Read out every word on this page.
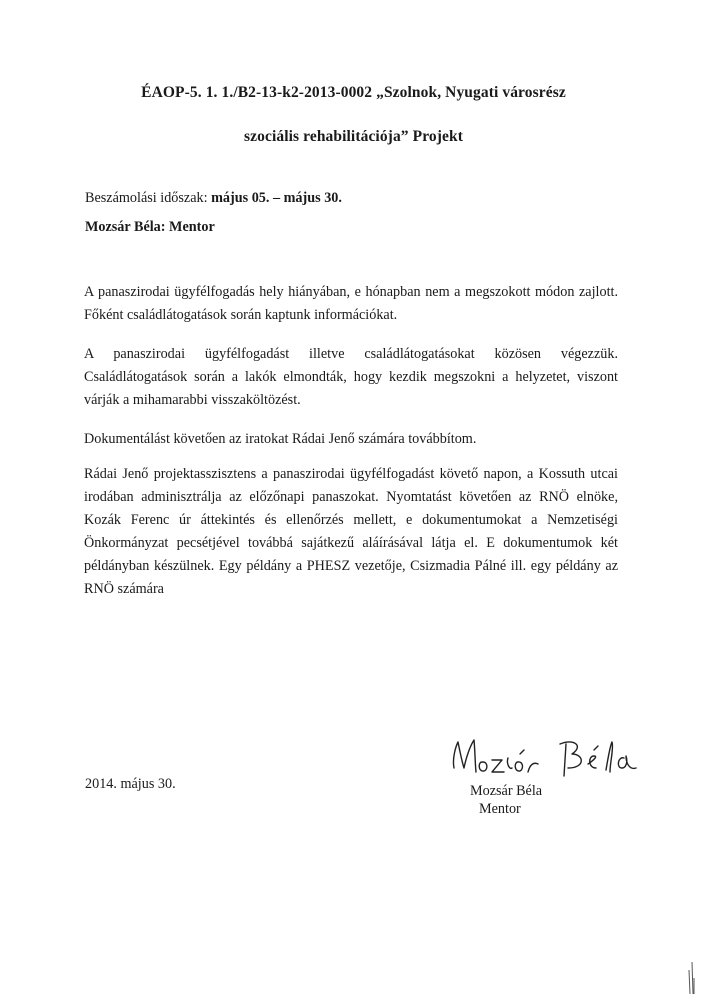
ÉAOP-5. 1. 1./B2-13-k2-2013-0002 „Szolnok, Nyugati városrész
szociális rehabilitációja” Projekt
Beszámolási időszak: május 05. – május 30.
Mozsár Béla: Mentor
A panaszirodai ügyfélfogadás hely hiányában, e hónapban nem a megszokott módon zajlott.
Főként családlátogatások során kaptunk információkat.
A panaszirodai ügyfélfogadást illetve családlátogatásokat közösen végezzük.
Családlátogatások során a lakók elmondták, hogy kezdik megszokni a helyzetet, viszont
várják a mihamarabbi visszaköltözést.
Dokumentálást követően az iratokat Rádai Jenő számára továbbítom.
Rádai Jenő projektasszisztens a panaszirodai ügyfélfogadást követő napon, a Kossuth utcai
irodában adminisztrálja az előzőnapi panaszokat. Nyomtatást követően az RNÖ elnöke,
Kozák Ferenc úr áttekintés és ellenőrzés mellett, e dokumentumokat a Nemzetiségi
Önkormányzat pecsétjével továbbá sajátkezű aláírásával látja el. E dokumentumok két
példányban készülnek. Egy példány a PHESZ vezetője, Csizmadia Pálné ill. egy példány az
RNÖ számára
2014. május 30.	Mozsár Béla
Mentor
